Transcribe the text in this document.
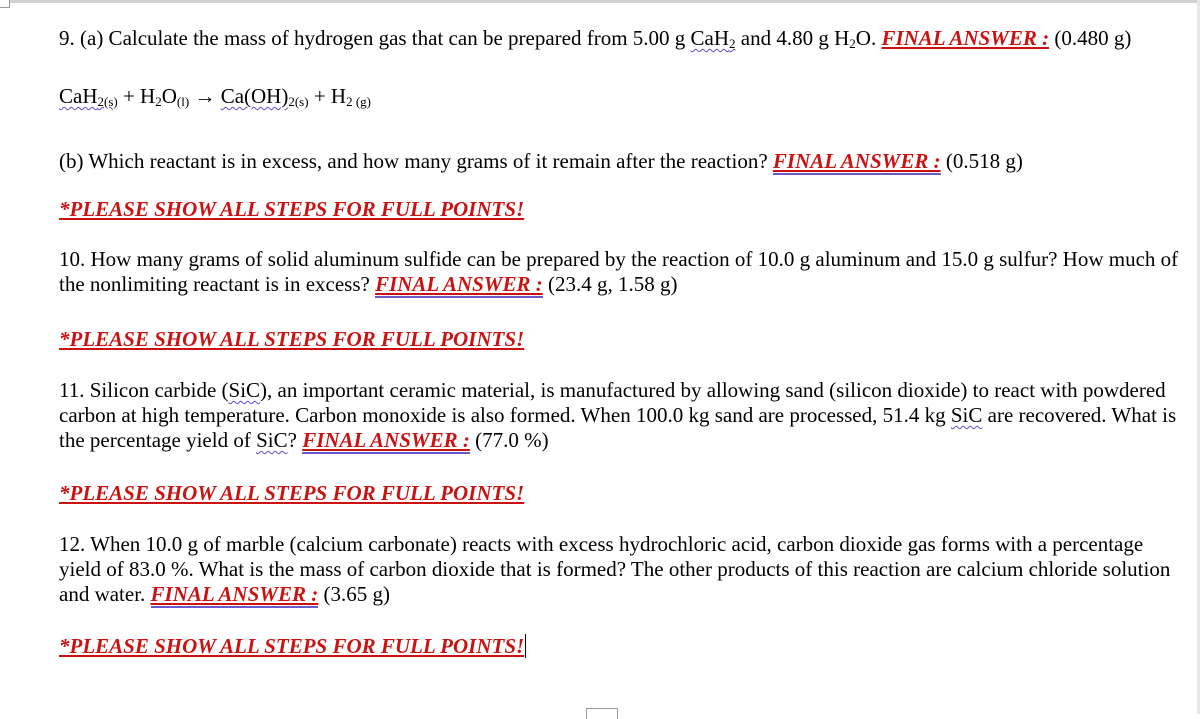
9. (a) Calculate the mass of hydrogen gas that can be prepared from 5.00 g CaH$_2$ and 4.80 g $H_2O$. FINAL ANSWER : (0.480 g)

$CaH_{2(s)} + H_2O_{(l)} \to Ca(OH)_{2(s)} + H_2$ $_{(g)}$

(b) Which reactant is in excess, and how many grams of it remain after the reaction? FINAL ANSWER : (0.518 g)

*PLEASE SHOW ALL STEPS FOR FULL POINTS!

10. How many grams of solid aluminum sulfide can be prepared by the reaction of 10.0 g aluminum and 15.0 g sulfur? How much of the nonlimiting reactant is in excess? FINAL ANSWER : (23.4 g, 1.58 g)

*PLEASE SHOW ALL STEPS FOR FULL POINTS!

11. Silicon carbide (SiC), an important ceramic material, is manufactured by allowing sand (silicon dioxide) to react with powdered carbon at high temperature. Carbon monoxide is also formed. When 100.0 kg sand are processed, 51.4 kg SiC are recovered. What is the percentage yield of SiC? FINAL ANSWER : (77.0 %)

*PLEASE SHOW ALL STEPS FOR FULL POINTS!

12. When 10.0 g of marble (calcium carbonate) reacts with excess hydrochloric acid, carbon dioxide gas forms with a percentage yield of 83.0 %. What is the mass of carbon dioxide that is formed? The other products of this reaction are calcium chloride solution and water. FINAL ANSWER : (3.65 g)

*PLEASE SHOW ALL STEPS FOR FULL POINTS!
